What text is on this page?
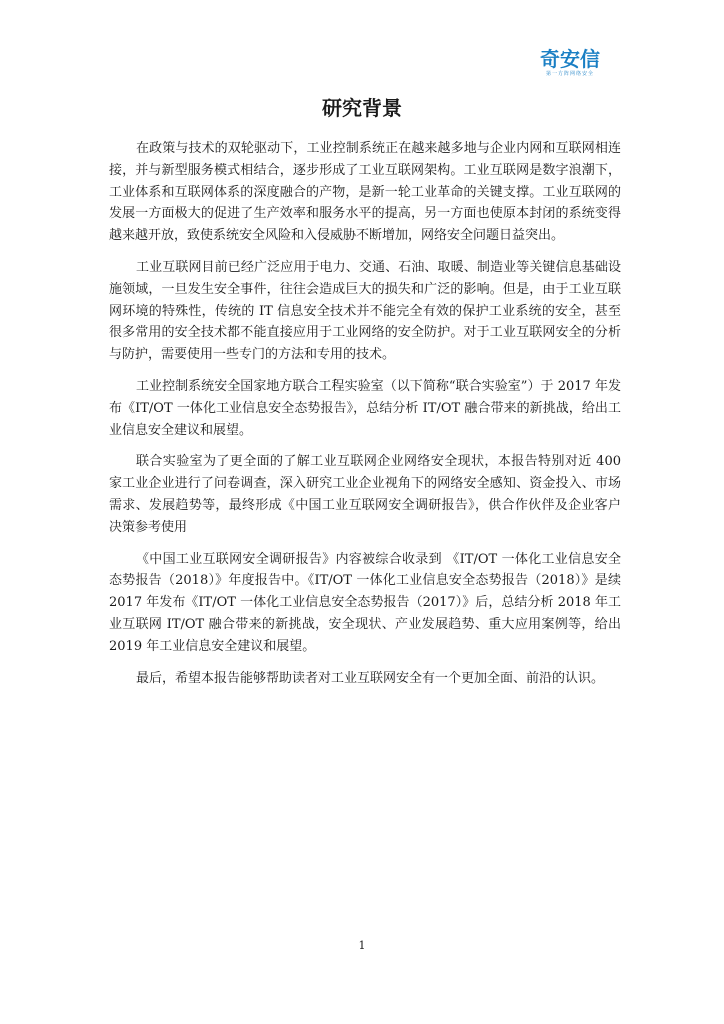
奇安信
第一方阵网络安全
研究背景

在政策与技术的双轮驱动下，工业控制系统正在越来越多地与企业内网和互联网相连接，并与新型服务模式相结合，逐步形成了工业互联网架构。工业互联网是数字浪潮下，工业体系和互联网体系的深度融合的产物，是新一轮工业革命的关键支撑。工业互联网的发展一方面极大的促进了生产效率和服务水平的提高，另一方面也使原本封闭的系统变得越来越开放，致使系统安全风险和入侵威胁不断增加，网络安全问题日益突出。

工业互联网目前已经广泛应用于电力、交通、石油、取暖、制造业等关键信息基础设施领域，一旦发生安全事件，往往会造成巨大的损失和广泛的影响。但是，由于工业互联网环境的特殊性，传统的 IT 信息安全技术并不能完全有效的保护工业系统的安全，甚至很多常用的安全技术都不能直接应用于工业网络的安全防护。对于工业互联网安全的分析与防护，需要使用一些专门的方法和专用的技术。

工业控制系统安全国家地方联合工程实验室（以下简称“联合实验室”）于 2017 年发布《IT/OT 一体化工业信息安全态势报告》，总结分析 IT/OT 融合带来的新挑战，给出工业信息安全建议和展望。

联合实验室为了更全面的了解工业互联网企业网络安全现状，本报告特别对近 400 家工业企业进行了问卷调查，深入研究工业企业视角下的网络安全感知、资金投入、市场需求、发展趋势等，最终形成《中国工业互联网安全调研报告》，供合作伙伴及企业客户决策参考使用

《中国工业互联网安全调研报告》内容被综合收录到 《IT/OT 一体化工业信息安全态势报告（2018）》年度报告中。《IT/OT 一体化工业信息安全态势报告（2018）》是续 2017 年发布《IT/OT 一体化工业信息安全态势报告（2017）》后，总结分析 2018 年工业互联网 IT/OT 融合带来的新挑战，安全现状、产业发展趋势、重大应用案例等，给出 2019 年工业信息安全建议和展望。

最后，希望本报告能够帮助读者对工业互联网安全有一个更加全面、前沿的认识。

1
